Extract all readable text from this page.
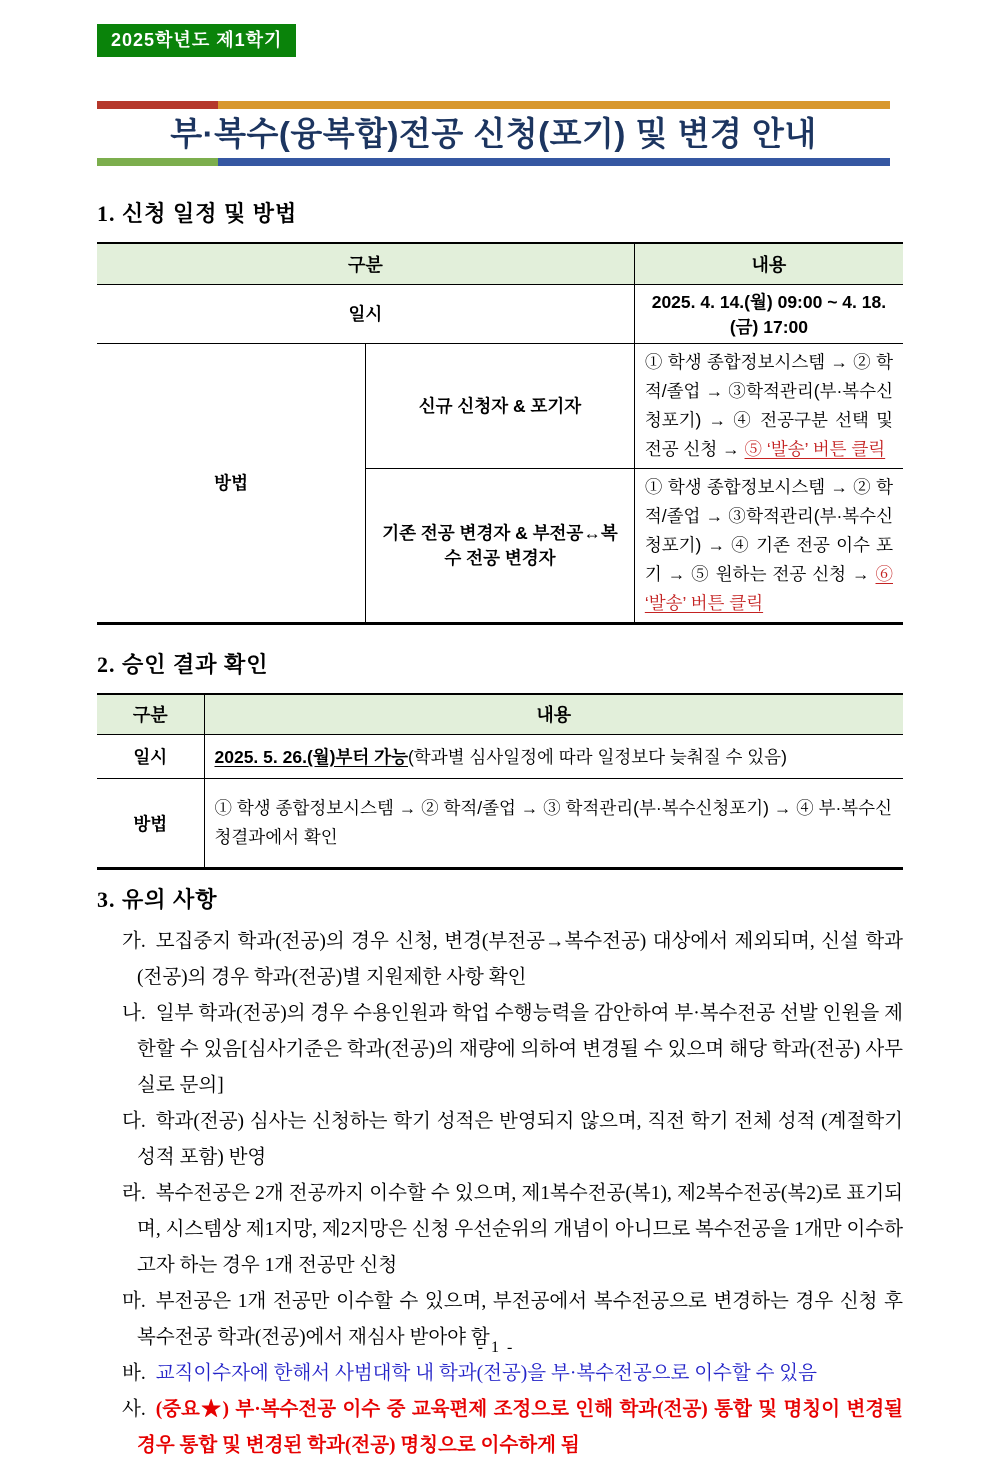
2025학년도 제1학기
부·복수(융복합)전공 신청(포기) 및 변경 안내
1. 신청 일정 및 방법
구분		내용
일시		2025. 4. 14.(월) 09:00 ~ 4. 18.(금) 17:00
방법	신규 신청자 & 포기자	① 학생 종합정보시스템 → ② 학적/졸업 → ③학적관리(부·복수신청포기) → ④ 전공구분 선택 및 전공 신청 → ⑤ ‘발송’ 버튼 클릭
	기존 전공 변경자 & 부전공↔복수 전공 변경자	① 학생 종합정보시스템 → ② 학적/졸업 → ③학적관리(부·복수신청포기) → ④ 기존 전공 이수 포기 → ⑤ 원하는 전공 신청 → ⑥ ‘발송’ 버튼 클릭
2. 승인 결과 확인
구분	내용
일시	2025. 5. 26.(월)부터 가능(학과별 심사일정에 따라 일정보다 늦춰질 수 있음)
방법	① 학생 종합정보시스템 → ② 학적/졸업 → ③ 학적관리(부·복수신청포기) → ④ 부·복수신청결과에서 확인
3. 유의 사항
가. 모집중지 학과(전공)의 경우 신청, 변경(부전공→복수전공) 대상에서 제외되며, 신설 학과(전공)의 경우 학과(전공)별 지원제한 사항 확인
나. 일부 학과(전공)의 경우 수용인원과 학업 수행능력을 감안하여 부·복수전공 선발 인원을 제한할 수 있음[심사기준은 학과(전공)의 재량에 의하여 변경될 수 있으며 해당 학과(전공) 사무실로 문의]
다. 학과(전공) 심사는 신청하는 학기 성적은 반영되지 않으며, 직전 학기 전체 성적 (계절학기 성적 포함) 반영
라. 복수전공은 2개 전공까지 이수할 수 있으며, 제1복수전공(복1), 제2복수전공(복2)로 표기되며, 시스템상 제1지망, 제2지망은 신청 우선순위의 개념이 아니므로 복수전공을 1개만 이수하고자 하는 경우 1개 전공만 신청
마. 부전공은 1개 전공만 이수할 수 있으며, 부전공에서 복수전공으로 변경하는 경우 신청 후 복수전공 학과(전공)에서 재심사 받아야 함
바. 교직이수자에 한해서 사범대학 내 학과(전공)을 부·복수전공으로 이수할 수 있음
사. (중요★) 부·복수전공 이수 중 교육편제 조정으로 인해 학과(전공) 통합 및 명칭이 변경될 경우 통합 및 변경된 학과(전공) 명칭으로 이수하게 됨
- 1 -
